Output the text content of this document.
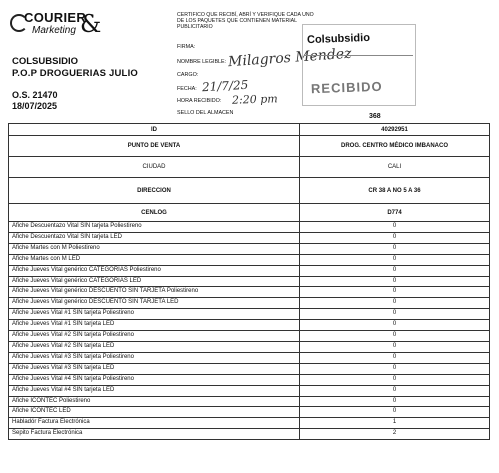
COURIER
Marketing &
COLSUBSIDIO
P.O.P DROGUERIAS JULIO
O.S. 21470
18/07/2025
CERTIFICO QUE RECIBÍ, ABRÍ Y VERIFIQUE CADA UNO DE LOS PAQUETES QUE CONTIENEN MATERIAL PUBLICITARIO
FIRMA:
NOMBRE LEGIBLE: Milagros Mendez
CARGO:
FECHA: 21/7/25
HORA RECIBIDO: 2:20 pm
SELLO DEL ALMACEN
Colsubsidio
RECIBIDO
368
ID	40292951
PUNTO DE VENTA	DROG. CENTRO MÉDICO IMBANACO
CIUDAD	CALI
DIRECCION	CR 38 A NO 5 A 36
CENLOG	D774
Afiche Descuentazo Vital SIN tarjeta Poliestireno	0
Afiche Descuentazo Vital SIN tarjeta LED	0
Afiche Martes con M Poliestireno	0
Afiche Martes con M LED	0
Afiche Jueves Vital genérico CATEGORIAS Poliestireno	0
Afiche Jueves Vital genérico CATEGORIAS LED	0
Afiche Jueves Vital genérico DESCUENTO SIN TARJETA Poliestireno	0
Afiche Jueves Vital genérico DESCUENTO SIN TARJETA LED	0
Afiche Jueves Vital #1 SIN tarjeta Poliestireno	0
Afiche Jueves Vital #1 SIN tarjeta LED	0
Afiche Jueves Vital #2 SIN tarjeta Poliestireno	0
Afiche Jueves Vital #2 SIN tarjeta LED	0
Afiche Jueves Vital #3 SIN tarjeta Poliestireno	0
Afiche Jueves Vital #3 SIN tarjeta LED	0
Afiche Jueves Vital #4 SIN tarjeta Poliestireno	0
Afiche Jueves Vital #4 SIN tarjeta LED	0
Afiche ICONTEC Poliestireno	0
Afiche ICONTEC LED	0
Habladór Factura Electrónica	1
Sepito Factura Electrónica	2
